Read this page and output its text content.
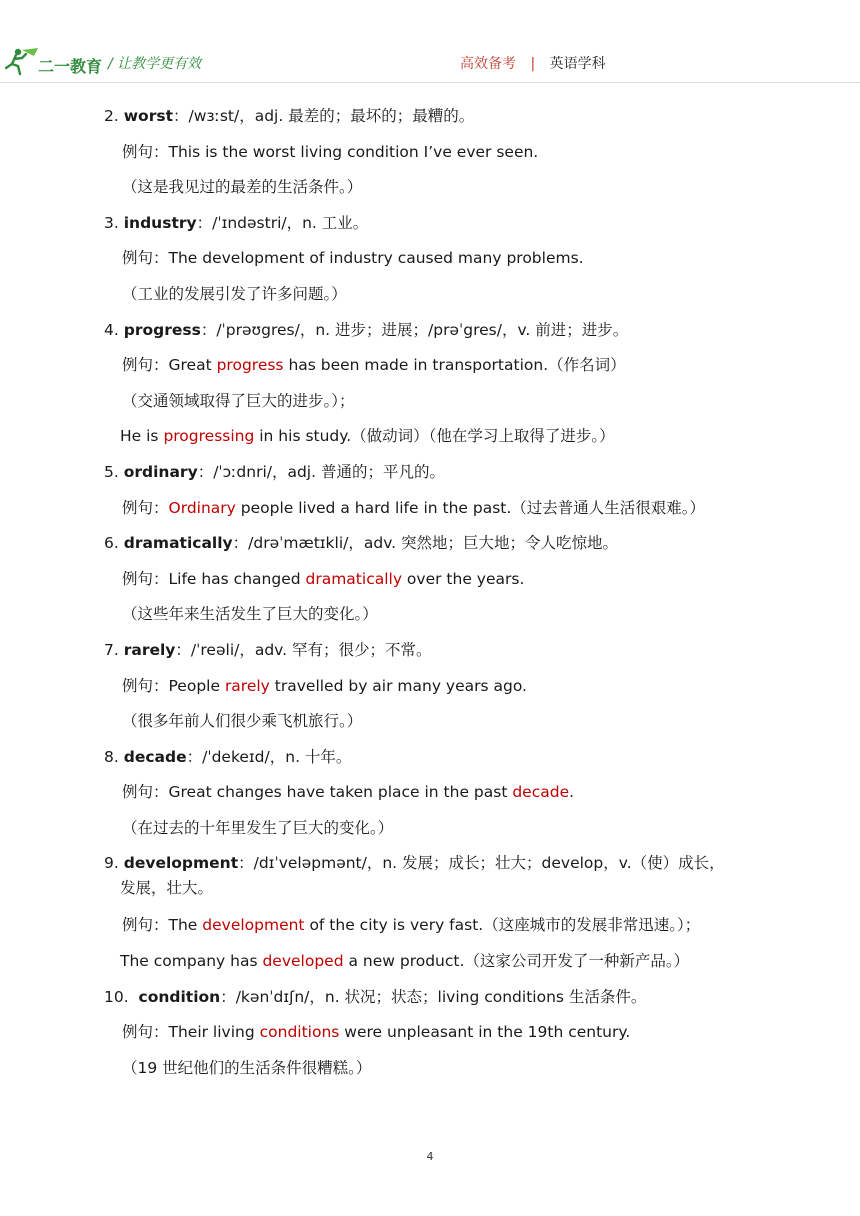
二一教育 / 让教学更有效	高效备考 | 英语学科
2. worst：/wɜːst/，adj. 最差的；最坏的；最糟的。
例句：This is the worst living condition I’ve ever seen.
（这是我见过的最差的生活条件。）
3. industry：/ˈɪndəstri/，n. 工业。
例句：The development of industry caused many problems.
（工业的发展引发了许多问题。）
4. progress：/ˈprəʊgres/，n. 进步；进展；/prəˈgres/，v. 前进；进步。
例句：Great progress has been made in transportation.（作名词）
（交通领域取得了巨大的进步。）；
He is progressing in his study.（做动词）（他在学习上取得了进步。）
5. ordinary：/ˈɔːdnri/，adj. 普通的；平凡的。
例句：Ordinary people lived a hard life in the past.（过去普通人生活很艰难。）
6. dramatically：/drəˈmætɪkli/，adv. 突然地；巨大地；令人吃惊地。
例句：Life has changed dramatically over the years.
（这些年来生活发生了巨大的变化。）
7. rarely：/ˈreəli/，adv. 罕有；很少；不常。
例句：People rarely travelled by air many years ago.
（很多年前人们很少乘飞机旅行。）
8. decade：/ˈdekeɪd/，n. 十年。
例句：Great changes have taken place in the past decade.
（在过去的十年里发生了巨大的变化。）
9. development：/dɪˈveləpmənt/，n. 发展；成长；壮大；develop，v.（使）成长，
发展，壮大。
例句：The development of the city is very fast.（这座城市的发展非常迅速。）；
The company has developed a new product.（这家公司开发了一种新产品。）
10. condition：/kənˈdɪʃn/，n. 状况；状态；living conditions 生活条件。
例句：Their living conditions were unpleasant in the 19th century.
（19 世纪他们的生活条件很糟糕。）
4
